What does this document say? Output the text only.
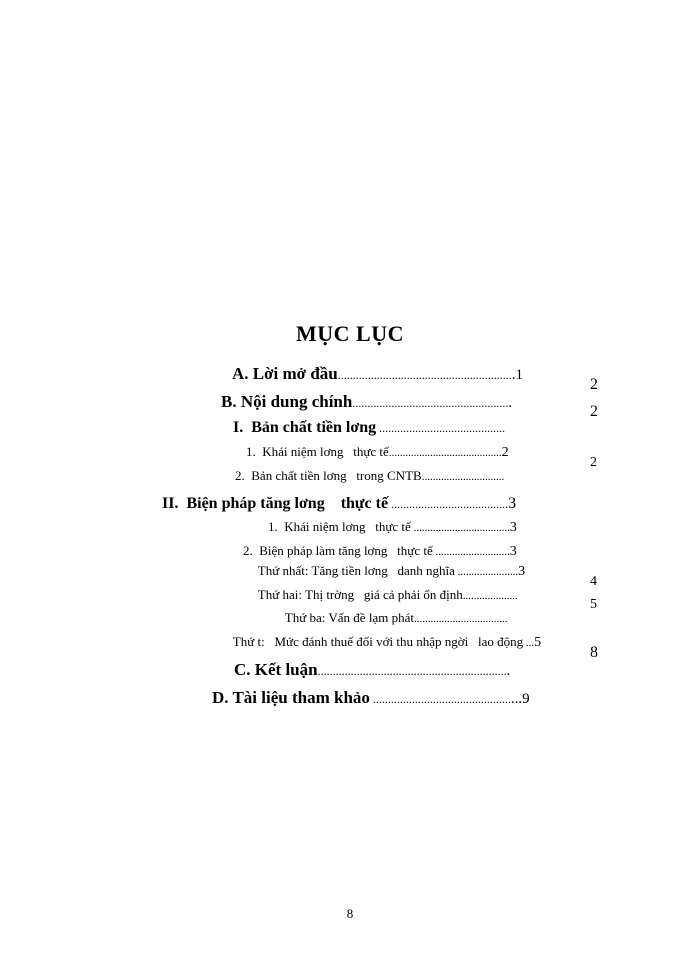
MỤC LỤC

A. Lời mở đầu...........................................................1

B. Nội dung chính.....................................................

2

I.  Bản chất tiền lơng ..........................................

2

1.  Khái niệm lơng   thực tế.........................................2

2.  Bản chất tiền lơng   trong CNTB..............................

2

II.  Biện pháp tăng lơng    thực tế .......................................3

1.  Khái niệm lơng   thực tế ...................................3

2.  Biện pháp làm tăng lơng   thực tế ...........................3

Thứ nhất: Tăng tiền lơng   danh nghĩa ......................3

Thứ hai: Thị trờng   giá cả phải ổn định....................

4

Thứ ba: Vấn đề lạm phát..................................

5

Thứ t:   Mức đánh thuế đối với thu nhập ngời   lao động ...5

C. Kết luận................................................................

8

D. Tài liệu tham khảo .................................................9

8
